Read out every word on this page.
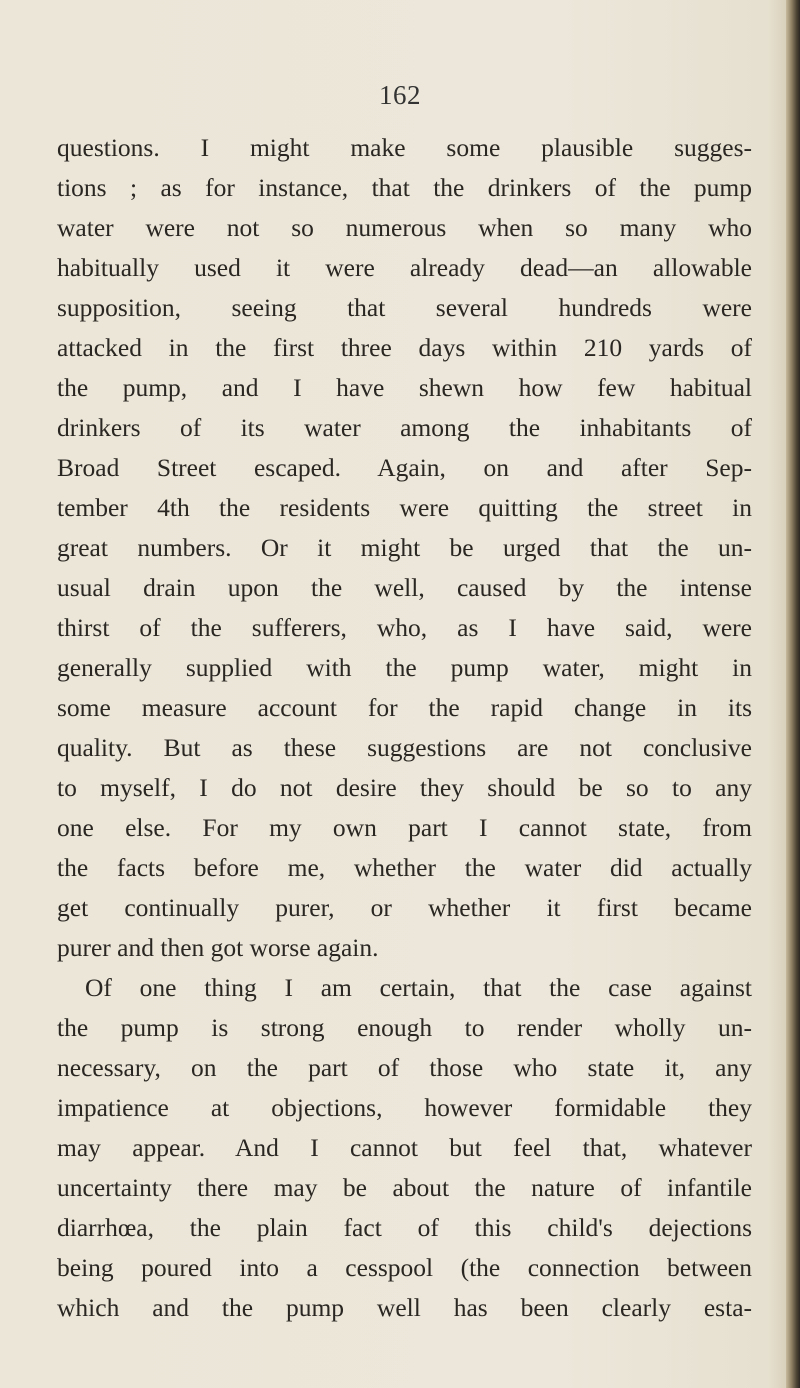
162
questions. I might make some plausible sugges-
tions ; as for instance, that the drinkers of the pump
water were not so numerous when so many who
habitually used it were already dead—an allowable
supposition, seeing that several hundreds were
attacked in the first three days within 210 yards of
the pump, and I have shewn how few habitual
drinkers of its water among the inhabitants of
Broad Street escaped. Again, on and after Sep-
tember 4th the residents were quitting the street in
great numbers. Or it might be urged that the un-
usual drain upon the well, caused by the intense
thirst of the sufferers, who, as I have said, were
generally supplied with the pump water, might in
some measure account for the rapid change in its
quality. But as these suggestions are not conclusive
to myself, I do not desire they should be so to any
one else. For my own part I cannot state, from
the facts before me, whether the water did actually
get continually purer, or whether it first became
purer and then got worse again.
Of one thing I am certain, that the case against
the pump is strong enough to render wholly un-
necessary, on the part of those who state it, any
impatience at objections, however formidable they
may appear. And I cannot but feel that, whatever
uncertainty there may be about the nature of infantile
diarrhœa, the plain fact of this child's dejections
being poured into a cesspool (the connection between
which and the pump well has been clearly esta-
